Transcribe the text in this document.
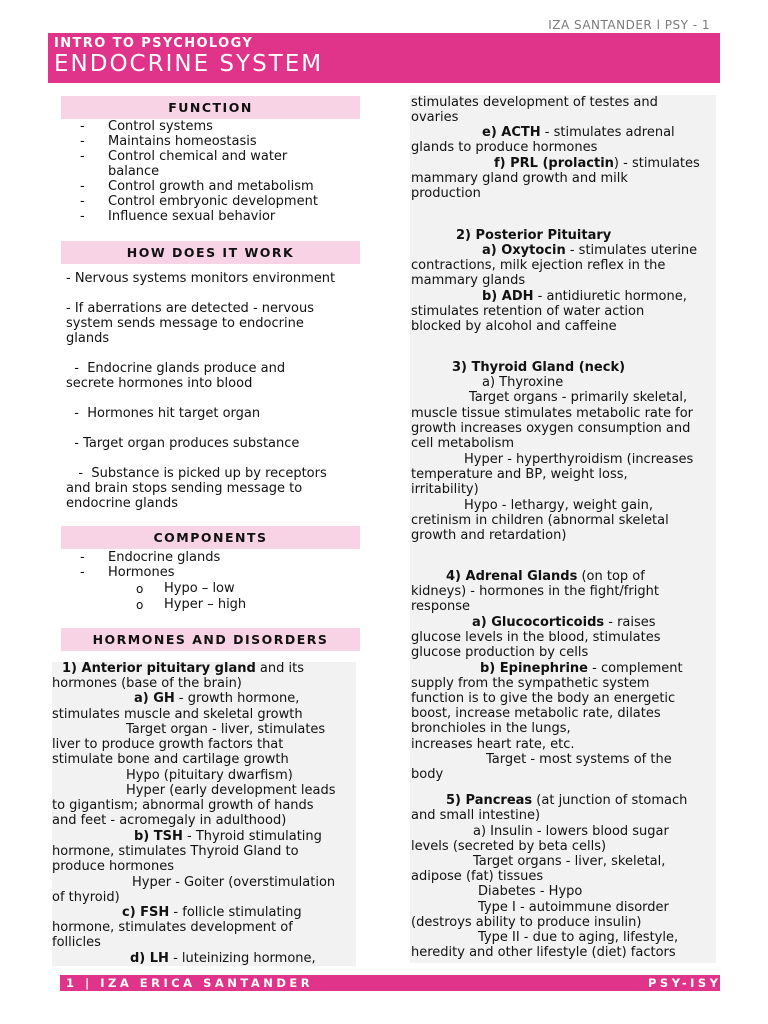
IZA SANTANDER l PSY - 1
INTRO TO PSYCHOLOGY
ENDOCRINE SYSTEM
FUNCTION
- Control systems
- Maintains homeostasis
- Control chemical and water
balance
- Control growth and metabolism
- Control embryonic development
- Influence sexual behavior
HOW DOES IT WORK
- Nervous systems monitors environment
- If aberrations are detected - nervous
system sends message to endocrine
glands
-  Endocrine glands produce and
secrete hormones into blood
-  Hormones hit target organ
- Target organ produces substance
-  Substance is picked up by receptors
and brain stops sending message to
endocrine glands
COMPONENTS
- Endocrine glands
- Hormones
o Hypo – low
o Hyper – high
HORMONES AND DISORDERS
1) Anterior pituitary gland and its
hormones (base of the brain)
a) GH - growth hormone,
stimulates muscle and skeletal growth
Target organ - liver, stimulates
liver to produce growth factors that
stimulate bone and cartilage growth
Hypo (pituitary dwarfism)
Hyper (early development leads
to gigantism; abnormal growth of hands
and feet - acromegaly in adulthood)
b) TSH - Thyroid stimulating
hormone, stimulates Thyroid Gland to
produce hormones
Hyper - Goiter (overstimulation
of thyroid)
c) FSH - follicle stimulating
hormone, stimulates development of
follicles
d) LH - luteinizing hormone,
stimulates development of testes and
ovaries
e) ACTH - stimulates adrenal
glands to produce hormones
f) PRL (prolactin) - stimulates
mammary gland growth and milk
production
2) Posterior Pituitary
a) Oxytocin - stimulates uterine
contractions, milk ejection reflex in the
mammary glands
b) ADH - antidiuretic hormone,
stimulates retention of water action
blocked by alcohol and caffeine
3) Thyroid Gland (neck)
a) Thyroxine
Target organs - primarily skeletal,
muscle tissue stimulates metabolic rate for
growth increases oxygen consumption and
cell metabolism
Hyper - hyperthyroidism (increases
temperature and BP, weight loss,
irritability)
Hypo - lethargy, weight gain,
cretinism in children (abnormal skeletal
growth and retardation)
4) Adrenal Glands (on top of
kidneys) - hormones in the fight/fright
response
a) Glucocorticoids - raises
glucose levels in the blood, stimulates
glucose production by cells
b) Epinephrine - complement
supply from the sympathetic system
function is to give the body an energetic
boost, increase metabolic rate, dilates
bronchioles in the lungs,
increases heart rate, etc.
Target - most systems of the
body
5) Pancreas (at junction of stomach
and small intestine)
a) Insulin - lowers blood sugar
levels (secreted by beta cells)
Target organs - liver, skeletal,
adipose (fat) tissues
Diabetes - Hypo
Type I - autoimmune disorder
(destroys ability to produce insulin)
Type II - due to aging, lifestyle,
heredity and other lifestyle (diet) factors
1 | IZA ERICA SANTANDER	PSY-ISY - 1
